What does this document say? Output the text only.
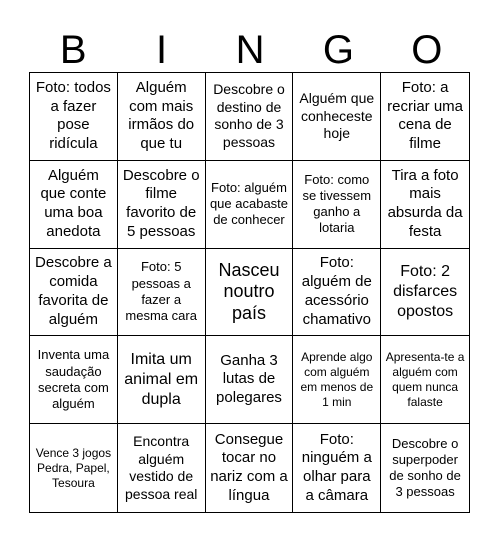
B	I	N	G	O
Foto: todos a fazer pose ridícula
Alguém com mais irmãos do que tu
Descobre o destino de sonho de 3 pessoas
Alguém que conheceste hoje
Foto: a recriar uma cena de filme
Alguém que conte uma boa anedota
Descobre o filme favorito de 5 pessoas
Foto: alguém que acabaste de conhecer
Foto: como se tivessem ganho a lotaria
Tira a foto mais absurda da festa
Descobre a comida favorita de alguém
Foto: 5 pessoas a fazer a mesma cara
Nasceu noutro país
Foto: alguém de acessório chamativo
Foto: 2 disfarces opostos
Inventa uma saudação secreta com alguém
Imita um animal em dupla
Ganha 3 lutas de polegares
Aprende algo com alguém em menos de 1 min
Apresenta-te a alguém com quem nunca falaste
Vence 3 jogos Pedra, Papel, Tesoura
Encontra alguém vestido de pessoa real
Consegue tocar no nariz com a língua
Foto: ninguém a olhar para a câmara
Descobre o superpoder de sonho de 3 pessoas
